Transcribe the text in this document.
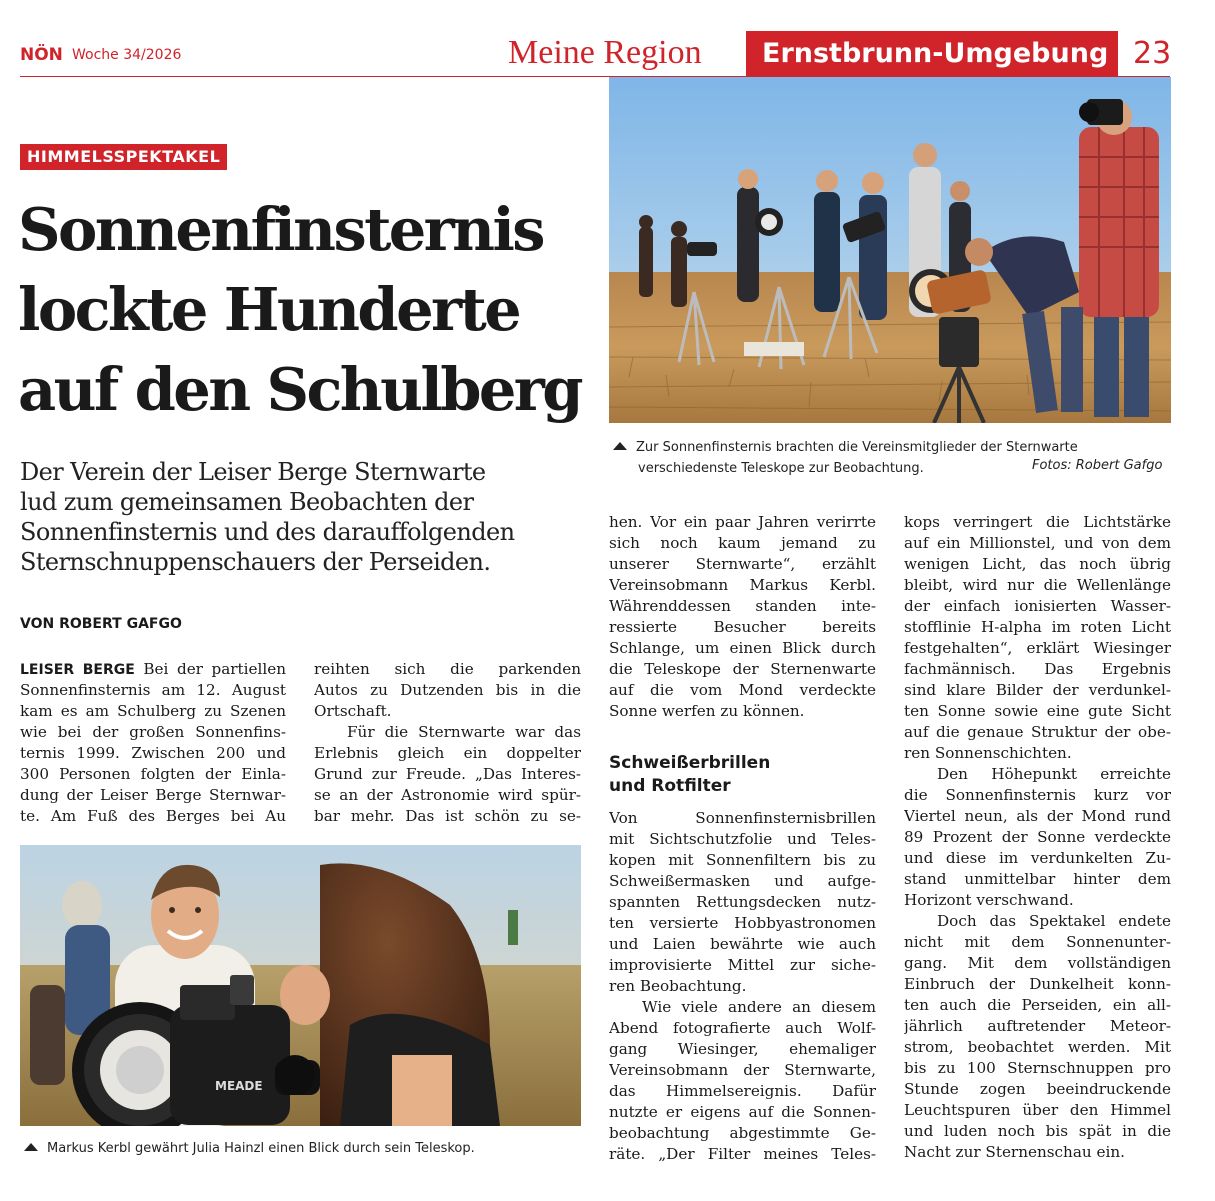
NÖN Woche 34/2026	Meine Region Ernstbrunn-Umgebung 23
HIMMELSSPEKTAKEL
Sonnenfinsternis
lockte Hunderte
auf den Schulberg
Der Verein der Leiser Berge Sternwarte
lud zum gemeinsamen Beobachten der
Sonnenfinsternis und des darauffolgenden
Sternschnuppenschauers der Perseiden.
VON ROBERT GAFGO
LEISER BERGE Bei der partiellen
Sonnenfinsternis am 12. August
kam es am Schulberg zu Szenen
wie bei der großen Sonnenfins-
ternis 1999. Zwischen 200 und
300 Personen folgten der Einla-
dung der Leiser Berge Sternwar-
te. Am Fuß des Berges bei Au
reihten sich die parkenden
Autos zu Dutzenden bis in die
Ortschaft.
Für die Sternwarte war das
Erlebnis gleich ein doppelter
Grund zur Freude. „Das Interes-
se an der Astronomie wird spür-
bar mehr. Das ist schön zu se-
hen. Vor ein paar Jahren verirrte
sich noch kaum jemand zu
unserer Sternwarte“, erzählt
Vereinsobmann Markus Kerbl.
Währenddessen standen inte-
ressierte Besucher bereits
Schlange, um einen Blick durch
die Teleskope der Sternenwarte
auf die vom Mond verdeckte
Sonne werfen zu können.
Schweißerbrillen
und Rotfilter
Von Sonnenfinsternisbrillen
mit Sichtschutzfolie und Teles-
kopen mit Sonnenfiltern bis zu
Schweißermasken und aufge-
spannten Rettungsdecken nutz-
ten versierte Hobbyastronomen
und Laien bewährte wie auch
improvisierte Mittel zur siche-
ren Beobachtung.
Wie viele andere an diesem
Abend fotografierte auch Wolf-
gang Wiesinger, ehemaliger
Vereinsobmann der Sternwarte,
das Himmelsereignis. Dafür
nutzte er eigens auf die Sonnen-
beobachtung abgestimmte Ge-
räte. „Der Filter meines Teles-
kops verringert die Lichtstärke
auf ein Millionstel, und von dem
wenigen Licht, das noch übrig
bleibt, wird nur die Wellenlänge
der einfach ionisierten Wasser-
stofflinie H-alpha im roten Licht
festgehalten“, erklärt Wiesinger
fachmännisch. Das Ergebnis
sind klare Bilder der verdunkel-
ten Sonne sowie eine gute Sicht
auf die genaue Struktur der obe-
ren Sonnenschichten.
Den Höhepunkt erreichte
die Sonnenfinsternis kurz vor
Viertel neun, als der Mond rund
89 Prozent der Sonne verdeckte
und diese im verdunkelten Zu-
stand unmittelbar hinter dem
Horizont verschwand.
Doch das Spektakel endete
nicht mit dem Sonnenunter-
gang. Mit dem vollständigen
Einbruch der Dunkelheit konn-
ten auch die Perseiden, ein all-
jährlich auftretender Meteor-
strom, beobachtet werden. Mit
bis zu 100 Sternschnuppen pro
Stunde zogen beeindruckende
Leuchtspuren über den Himmel
und luden noch bis spät in die
Nacht zur Sternenschau ein.
Zur Sonnenfinsternis brachten die Vereinsmitglieder der Sternwarte
verschiedenste Teleskope zur Beobachtung.	Fotos: Robert Gafgo
MEADE
Markus Kerbl gewährt Julia Hainzl einen Blick durch sein Teleskop.
